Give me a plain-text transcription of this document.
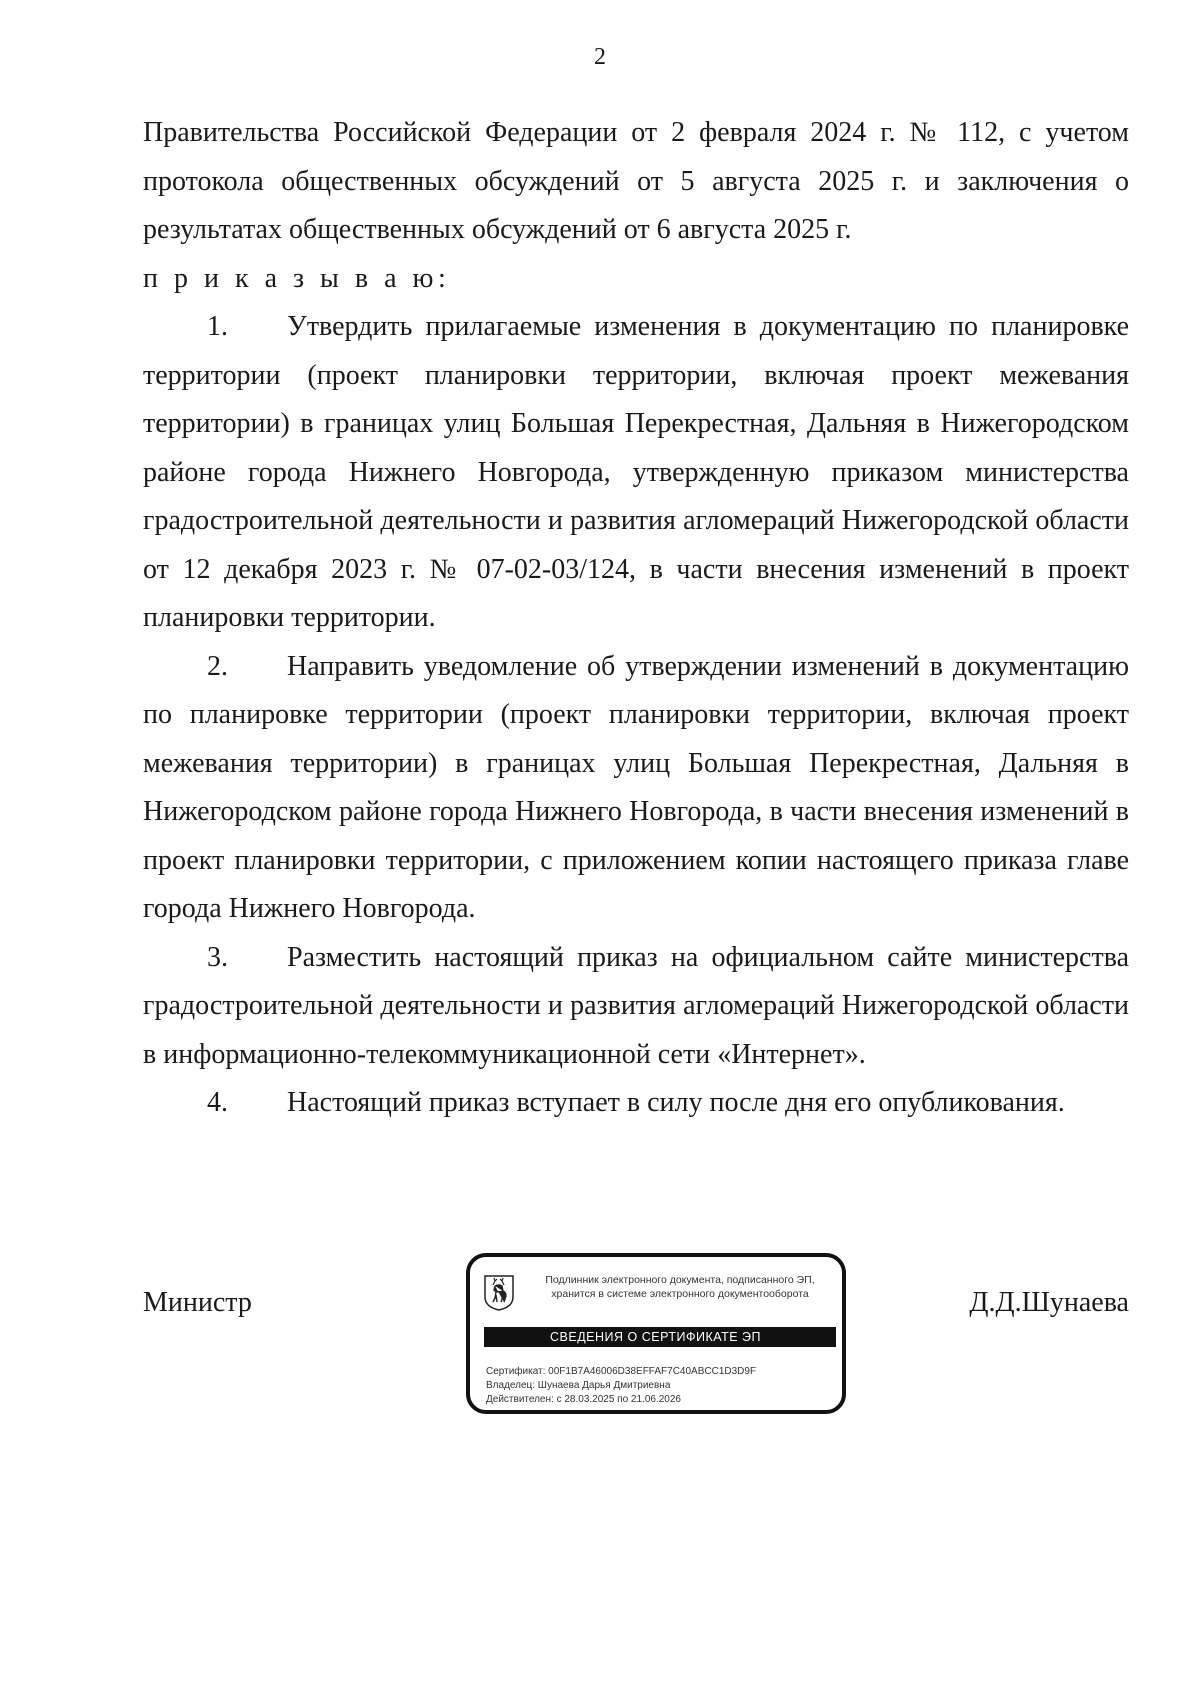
2

Правительства Российской Федерации от 2 февраля 2024 г. № 112, с учетом протокола общественных обсуждений от 5 августа 2025 г. и заключения о результатах общественных обсуждений от 6 августа 2025 г.

п р и к а з ы в а ю:

1. Утвердить прилагаемые изменения в документацию по планировке территории (проект планировки территории, включая проект межевания территории) в границах улиц Большая Перекрестная, Дальняя в Нижегородском районе города Нижнего Новгорода, утвержденную приказом министерства градостроительной деятельности и развития агломераций Нижегородской области от 12 декабря 2023 г. № 07-02-03/124, в части внесения изменений в проект планировки территории.

2. Направить уведомление об утверждении изменений в документацию по планировке территории (проект планировки территории, включая проект межевания территории) в границах улиц Большая Перекрестная, Дальняя в Нижегородском районе города Нижнего Новгорода, в части внесения изменений в проект планировки территории, с приложением копии настоящего приказа главе города Нижнего Новгорода.

3. Разместить настоящий приказ на официальном сайте министерства градостроительной деятельности и развития агломераций Нижегородской области в информационно-телекоммуникационной сети «Интернет».

4. Настоящий приказ вступает в силу после дня его опубликования.

Министр	Д.Д.Шунаева
Подлинник электронного документа, подписанного ЭП,
хранится в системе электронного документооборота
СВЕДЕНИЯ О СЕРТИФИКАТЕ ЭП
Сертификат: 00F1B7A46006D38EFFAF7C40ABCC1D3D9F
Владелец: Шунаева Дарья Дмитриевна
Действителен: с 28.03.2025 по 21.06.2026
